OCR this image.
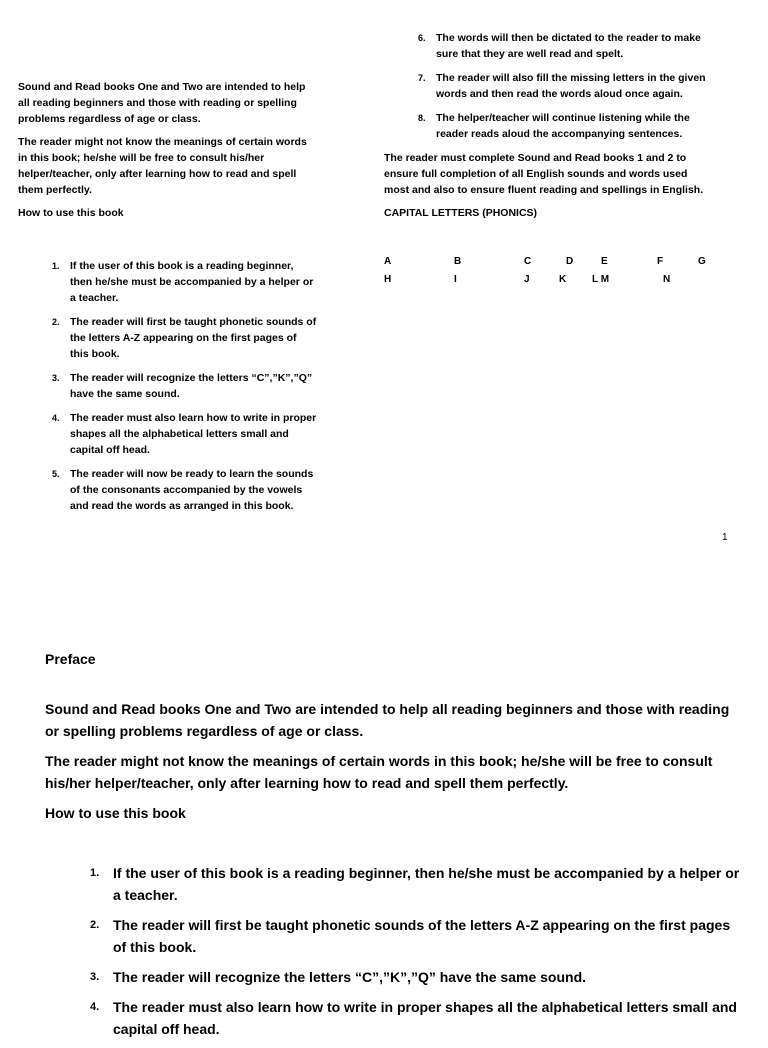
Sound and Read books One and Two are intended to help all reading beginners and those with reading or spelling problems regardless of age or class.

The reader might not know the meanings of certain words in this book; he/she will be free to consult his/her helper/teacher, only after learning how to read and spell them perfectly.

How to use this book

1. If the user of this book is a reading beginner, then he/she must be accompanied by a helper or a teacher.
2. The reader will first be taught phonetic sounds of the letters A-Z appearing on the first pages of this book.
3. The reader will recognize the letters “C”,”K”,”Q” have the same sound.
4. The reader must also learn how to write in proper shapes all the alphabetical letters small and capital off head.
5. The reader will now be ready to learn the sounds of the consonants accompanied by the vowels and read the words as arranged in this book.
6. The words will then be dictated to the reader to make sure that they are well read and spelt.
7. The reader will also fill the missing letters in the given words and then read the words aloud once again.
8. The helper/teacher will continue listening while the reader reads aloud the accompanying sentences.

The reader must complete Sound and Read books 1 and 2 to ensure full completion of all English sounds and words used most and also to ensure fluent reading and spellings in English.

CAPITAL LETTERS (PHONICS)

A	B	C	D	E	F	G
H	I	J	K	L M	N
1

Preface

Sound and Read books One and Two are intended to help all reading beginners and those with reading or spelling problems regardless of age or class.

The reader might not know the meanings of certain words in this book; he/she will be free to consult his/her helper/teacher, only after learning how to read and spell them perfectly.

How to use this book

1. If the user of this book is a reading beginner, then he/she must be accompanied by a helper or a teacher.
2. The reader will first be taught phonetic sounds of the letters A-Z appearing on the first pages of this book.
3. The reader will recognize the letters “C”,”K”,”Q” have the same sound.
4. The reader must also learn how to write in proper shapes all the alphabetical letters small and capital off head.
